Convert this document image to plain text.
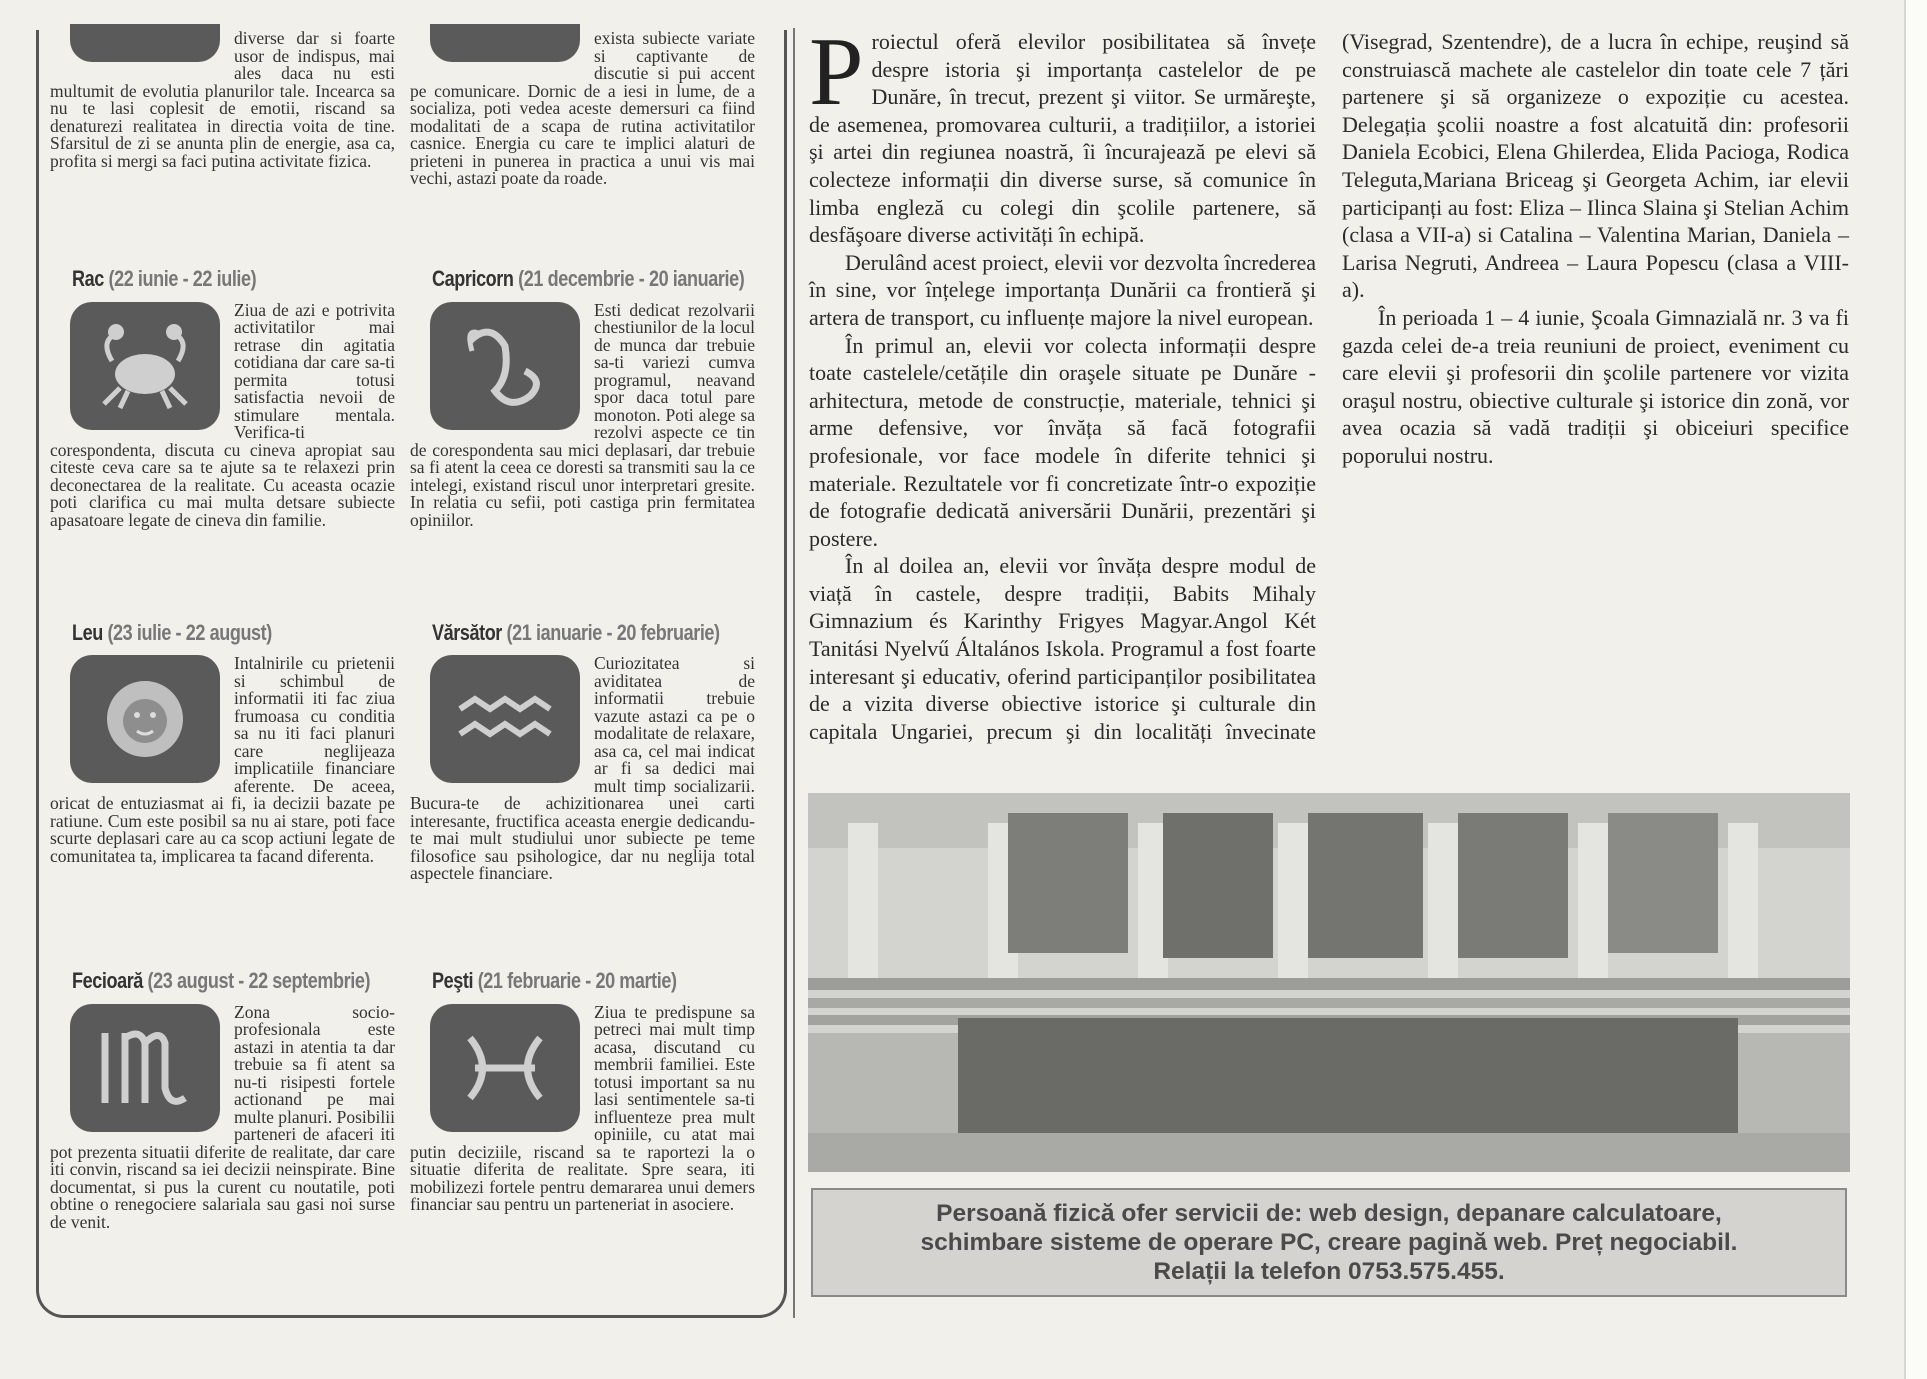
diverse dar si foarte usor de indispus, mai ales daca nu esti multumit de evolutia planurilor tale. Incearca sa nu te lasi coplesit de emotii, riscand sa denaturezi realitatea in directia voita de tine. Sfarsitul de zi se anunta plin de energie, asa ca, profita si mergi sa faci putina activitate fizica.

Rac (22 iunie - 22 iulie)

Ziua de azi e potrivita activitatilor mai retrase din agitatia cotidiana dar care sa-ti permita totusi satisfactia nevoii de stimulare mentala. Verifica-ti corespondenta, discuta cu cineva apropiat sau citeste ceva care sa te ajute sa te relaxezi prin deconectarea de la realitate. Cu aceasta ocazie poti clarifica cu mai multa detsare subiecte apasatoare legate de cineva din familie.

Leu (23 iulie - 22 august)

Intalnirile cu prietenii si schimbul de informatii iti fac ziua frumoasa cu conditia sa nu iti faci planuri care neglijeaza implicatiile financiare aferente. De aceea, oricat de entuziasmat ai fi, ia decizii bazate pe ratiune. Cum este posibil sa nu ai stare, poti face scurte deplasari care au ca scop actiuni legate de comunitatea ta, implicarea ta facand diferenta.

Fecioară (23 august - 22 septembrie)

Zona socio-profesionala este astazi in atentia ta dar trebuie sa fi atent sa nu-ti risipesti fortele actionand pe mai multe planuri. Posibilii parteneri de afaceri iti pot prezenta situatii diferite de realitate, dar care iti convin, riscand sa iei decizii neinspirate. Bine documentat, si pus la curent cu noutatile, poti obtine o renegociere salariala sau gasi noi surse de venit.

exista subiecte variate si captivante de discutie si pui accent pe comunicare. Dornic de a iesi in lume, de a socializa, poti vedea aceste demersuri ca fiind modalitati de a scapa de rutina activitatilor casnice. Energia cu care te implici alaturi de prieteni in punerea in practica a unui vis mai vechi, astazi poate da roade.

Capricorn (21 decembrie - 20 ianuarie)

Esti dedicat rezolvarii chestiunilor de la locul de munca dar trebuie sa-ti variezi cumva programul, neavand spor daca totul pare monoton. Poti alege sa rezolvi aspecte ce tin de corespondenta sau mici deplasari, dar trebuie sa fi atent la ceea ce doresti sa transmiti sau la ce intelegi, existand riscul unor interpretari gresite. In relatia cu sefii, poti castiga prin fermitatea opiniilor.

Vărsător (21 ianuarie - 20 februarie)

Curiozitatea si aviditatea de informatii trebuie vazute astazi ca pe o modalitate de relaxare, asa ca, cel mai indicat ar fi sa dedici mai mult timp socializarii. Bucura-te de achizitionarea unei carti interesante, fructifica aceasta energie dedicandu-te mai mult studiului unor subiecte pe teme filosofice sau psihologice, dar nu neglija total aspectele financiare.

Peşti (21 februarie - 20 martie)

Ziua te predispune sa petreci mai mult timp acasa, discutand cu membrii familiei. Este totusi important sa nu lasi sentimentele sa-ti influenteze prea mult opiniile, cu atat mai putin deciziile, riscand sa te raportezi la o situatie diferita de realitate. Spre seara, iti mobilizezi fortele pentru demararea unui demers financiar sau pentru un parteneriat in asociere.

Proiectul oferă elevilor posibilitatea să învețe despre istoria şi importanța castelelor de pe Dunăre, în trecut, prezent şi viitor. Se urmăreşte, de asemenea, promovarea culturii, a tradițiilor, a istoriei şi artei din regiunea noastră, îi încurajează pe elevi să colecteze informații din diverse surse, să comunice în limba engleză cu colegi din şcolile partenere, să desfăşoare diverse activități în echipă.

Derulând acest proiect, elevii vor dezvolta încrederea în sine, vor înțelege importanța Dunării ca frontieră şi artera de transport, cu influențe majore la nivel european.

În primul an, elevii vor colecta informații despre toate castelele/cetățile din oraşele situate pe Dunăre - arhitectura, metode de construcție, materiale, tehnici şi arme defensive, vor învăța să facă fotografii profesionale, vor face modele în diferite tehnici şi materiale. Rezultatele vor fi concretizate într-o expoziție de fotografie dedicată aniversării Dunării, prezentări şi postere.

În al doilea an, elevii vor învăța despre modul de viață în castele, despre tradiții, Babits Mihaly Gimnazium és Karinthy Frigyes Magyar.Angol Két Tanitási Nyelvű Általános Iskola. Programul a fost foarte interesant şi educativ, oferind participanților posibilitatea de a vizita diverse obiective istorice şi culturale din capitala Ungariei, precum şi din localități învecinate (Visegrad, Szentendre), de a lucra în echipe, reuşind să construiască machete ale castelelor din toate cele 7 țări partenere şi să organizeze o expoziție cu acestea. Delegația şcolii noastre a fost alcatuită din: profesorii Daniela Ecobici, Elena Ghilerdea, Elida Pacioga, Rodica Teleguta,Mariana Briceag şi Georgeta Achim, iar elevii participanți au fost: Eliza – Ilinca Slaina şi Stelian Achim (clasa a VII-a) si Catalina – Valentina Marian, Daniela – Larisa Negruti, Andreea – Laura Popescu (clasa a VIII-a).

În perioada 1 – 4 iunie, Şcoala Gimnazială nr. 3 va fi gazda celei de-a treia reuniuni de proiect, eveniment cu care elevii şi profesorii din şcolile partenere vor vizita oraşul nostru, obiective culturale şi istorice din zonă, vor avea ocazia să vadă tradiții şi obiceiuri specifice poporului nostru.

Persoană fizică ofer servicii de: web design, depanare calculatoare,
schimbare sisteme de operare PC, creare pagină web. Preț negociabil.
Relații la telefon 0753.575.455.
